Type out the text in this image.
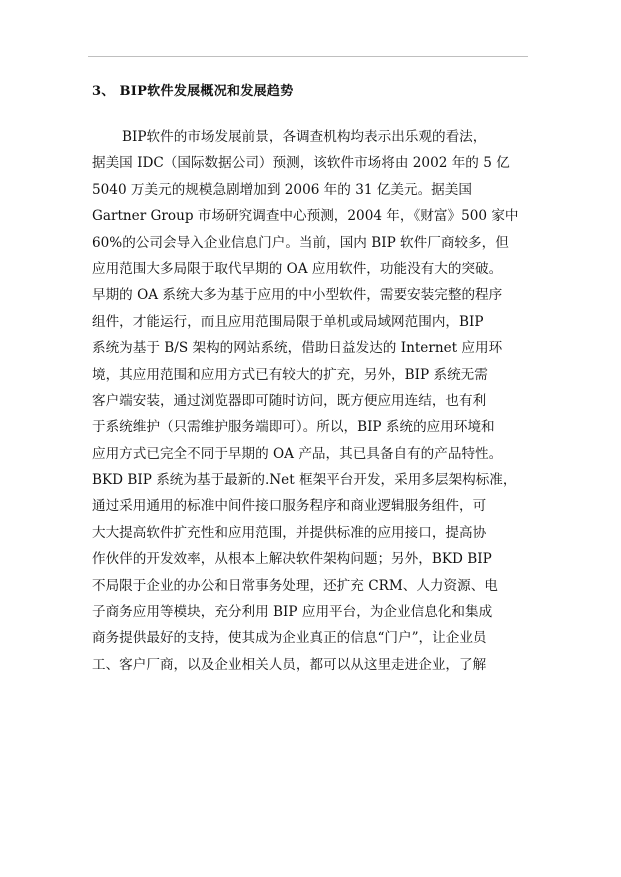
3、 BIP软件发展概况和发展趋势
BIP软件的市场发展前景，各调查机构均表示出乐观的看法，
据美国 IDC（国际数据公司）预测，该软件市场将由 2002 年的 5 亿
5040 万美元的规模急剧增加到 2006 年的 31 亿美元。据美国
Gartner Group 市场研究调查中心预测，2004 年，《财富》500 家中
60%的公司会导入企业信息门户。当前，国内 BIP 软件厂商较多，但
应用范围大多局限于取代早期的 OA 应用软件，功能没有大的突破。
早期的 OA 系统大多为基于应用的中小型软件，需要安装完整的程序
组件，才能运行，而且应用范围局限于单机或局域网范围内，BIP
系统为基于 B/S 架构的网站系统，借助日益发达的 Internet 应用环
境，其应用范围和应用方式已有较大的扩充，另外，BIP 系统无需
客户端安装，通过浏览器即可随时访问，既方便应用连结，也有利
于系统维护（只需维护服务端即可）。所以，BIP 系统的应用环境和
应用方式已完全不同于早期的 OA 产品，其已具备自有的产品特性。
BKD BIP 系统为基于最新的.Net 框架平台开发，采用多层架构标准，
通过采用通用的标准中间件接口服务程序和商业逻辑服务组件，可
大大提高软件扩充性和应用范围，并提供标准的应用接口，提高协
作伙伴的开发效率，从根本上解决软件架构问题；另外，BKD BIP
不局限于企业的办公和日常事务处理，还扩充 CRM、人力资源、电
子商务应用等模块，充分利用 BIP 应用平台，为企业信息化和集成
商务提供最好的支持，使其成为企业真正的信息“门户”，让企业员
工、客户厂商，以及企业相关人员，都可以从这里走进企业，了解
